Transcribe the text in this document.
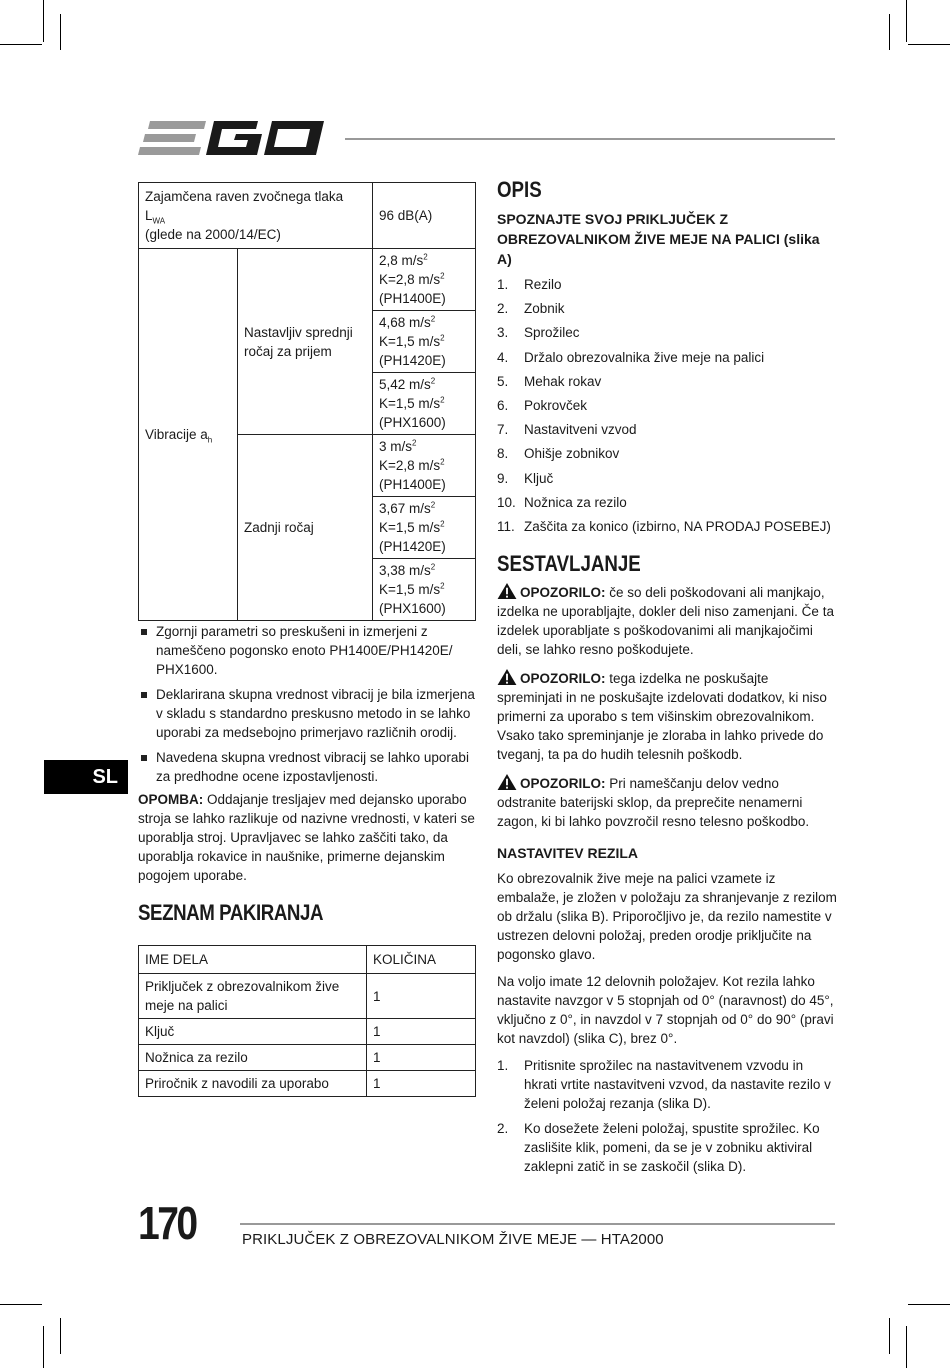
Zajamčena raven zvočnega tlaka $L_{WA}$
(glede na 2000/14/EC)		96 dB(A)
Vibracije $a_h$	Nastavljiv sprednji ročaj za prijem	2,8 $m/s^2$
K=2,8 $m/s^2$
(PH1400E)
		4,68 $m/s^2$
K=1,5 $m/s^2$
(PH1420E)
		5,42 $m/s^2$
K=1,5 $m/s^2$
(PHX1600)
	Zadnji ročaj	3 $m/s^2$
K=2,8 $m/s^2$
(PH1400E)
		3,67 $m/s^2$
K=1,5 $m/s^2$
(PH1420E)
		3,38 $m/s^2$
K=1,5 $m/s^2$
(PHX1600)
Zgornji parametri so preskušeni in izmerjeni z nameščeno pogonsko enoto PH1400E/PH1420E/ PHX1600.
Deklarirana skupna vrednost vibracij je bila izmerjena v skladu s standardno preskusno metodo in se lahko uporabi za medsebojno primerjavo različnih orodij.
Navedena skupna vrednost vibracij se lahko uporabi za predhodne ocene izpostavljenosti.

OPOMBA: Oddajanje tresljajev med dejansko uporabo stroja se lahko razlikuje od nazivne vrednosti, v kateri se uporablja stroj. Upravljavec se lahko zaščiti tako, da uporablja rokavice in naušnike, primerne dejanskim pogojem uporabe.

SEZNAM PAKIRANJA
IME DELA	KOLIČINA
Priključek z obrezovalnikom žive meje na palici	1
Ključ	1
Nožnica za rezilo	1
Priročnik z navodili za uporabo	1
SL
OPIS
SPOZNAJTE SVOJ PRIKLJUČEK Z OBREZOVALNIKOM ŽIVE MEJE NA PALICI (slika A)
1. Rezilo
2. Zobnik
3. Sprožilec
4. Držalo obrezovalnika žive meje na palici
5. Mehak rokav
6. Pokrovček
7. Nastavitveni vzvod
8. Ohišje zobnikov
9. Ključ
10. Nožnica za rezilo
11. Zaščita za konico (izbirno, NA PRODAJ POSEBEJ)
SESTAVLJANJE

OPOZORILO: če so deli poškodovani ali manjkajo, izdelka ne uporabljajte, dokler deli niso zamenjani. Če ta izdelek uporabljate s poškodovanimi ali manjkajočimi deli, se lahko resno poškodujete.

OPOZORILO: tega izdelka ne poskušajte spreminjati in ne poskušajte izdelovati dodatkov, ki niso primerni za uporabo s tem višinskim obrezovalnikom. Vsako tako spreminjanje je zloraba in lahko privede do tveganj, ta pa do hudih telesnih poškodb.

OPOZORILO: Pri nameščanju delov vedno odstranite baterijski sklop, da preprečite nenamerni zagon, ki bi lahko povzročil resno telesno poškodbo.

NASTAVITEV REZILA

Ko obrezovalnik žive meje na palici vzamete iz embalaže, je zložen v položaju za shranjevanje z rezilom ob držalu (slika B). Priporočljivo je, da rezilo namestite v ustrezen delovni položaj, preden orodje priključite na pogonsko glavo.

Na voljo imate 12 delovnih položajev. Kot rezila lahko nastavite navzgor v 5 stopnjah od 0° (naravnost) do 45°, vključno z 0°, in navzdol v 7 stopnjah od 0° do 90° (pravi kot navzdol) (slika C), brez 0°.

1. Pritisnite sprožilec na nastavitvenem vzvodu in hkrati vrtite nastavitveni vzvod, da nastavite rezilo v želeni položaj rezanja (slika D).
2. Ko dosežete želeni položaj, spustite sprožilec. Ko zaslišite klik, pomeni, da se je v zobniku aktiviral zaklepni zatič in se zaskočil (slika D).
170	PRIKLJUČEK Z OBREZOVALNIKOM ŽIVE MEJE — HTA2000
